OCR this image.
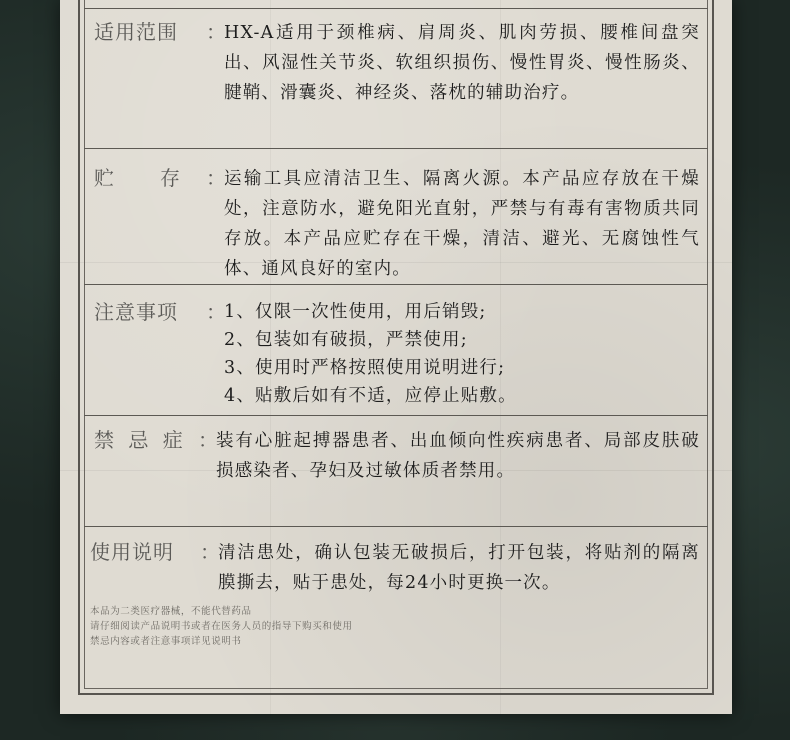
适用范围 ：
HX-A适用于颈椎病、肩周炎、肌肉劳损、腰椎间盘突出、风湿性关节炎、软组织损伤、慢性胃炎、慢性肠炎、腱鞘、滑囊炎、神经炎、落枕的辅助治疗。
贮　　存 ：
运输工具应清洁卫生、隔离火源。本产品应存放在干燥处，注意防水，避免阳光直射，严禁与有毒有害物质共同存放。本产品应贮存在干燥，清洁、避光、无腐蚀性气体、通风良好的室内。
注意事项 ：
1、仅限一次性使用，用后销毁;
2、包装如有破损，严禁使用;
3、使用时严格按照使用说明进行;
4、贴敷后如有不适，应停止贴敷。
禁 忌 症 ：
装有心脏起搏器患者、出血倾向性疾病患者、局部皮肤破损感染者、孕妇及过敏体质者禁用。
使用说明 ：
清洁患处，确认包装无破损后，打开包装，将贴剂的隔离膜撕去，贴于患处，每24小时更换一次。
本品为二类医疗器械，不能代替药品
请仔细阅读产品说明书或者在医务人员的指导下购买和使用
禁忌内容或者注意事项详见说明书
